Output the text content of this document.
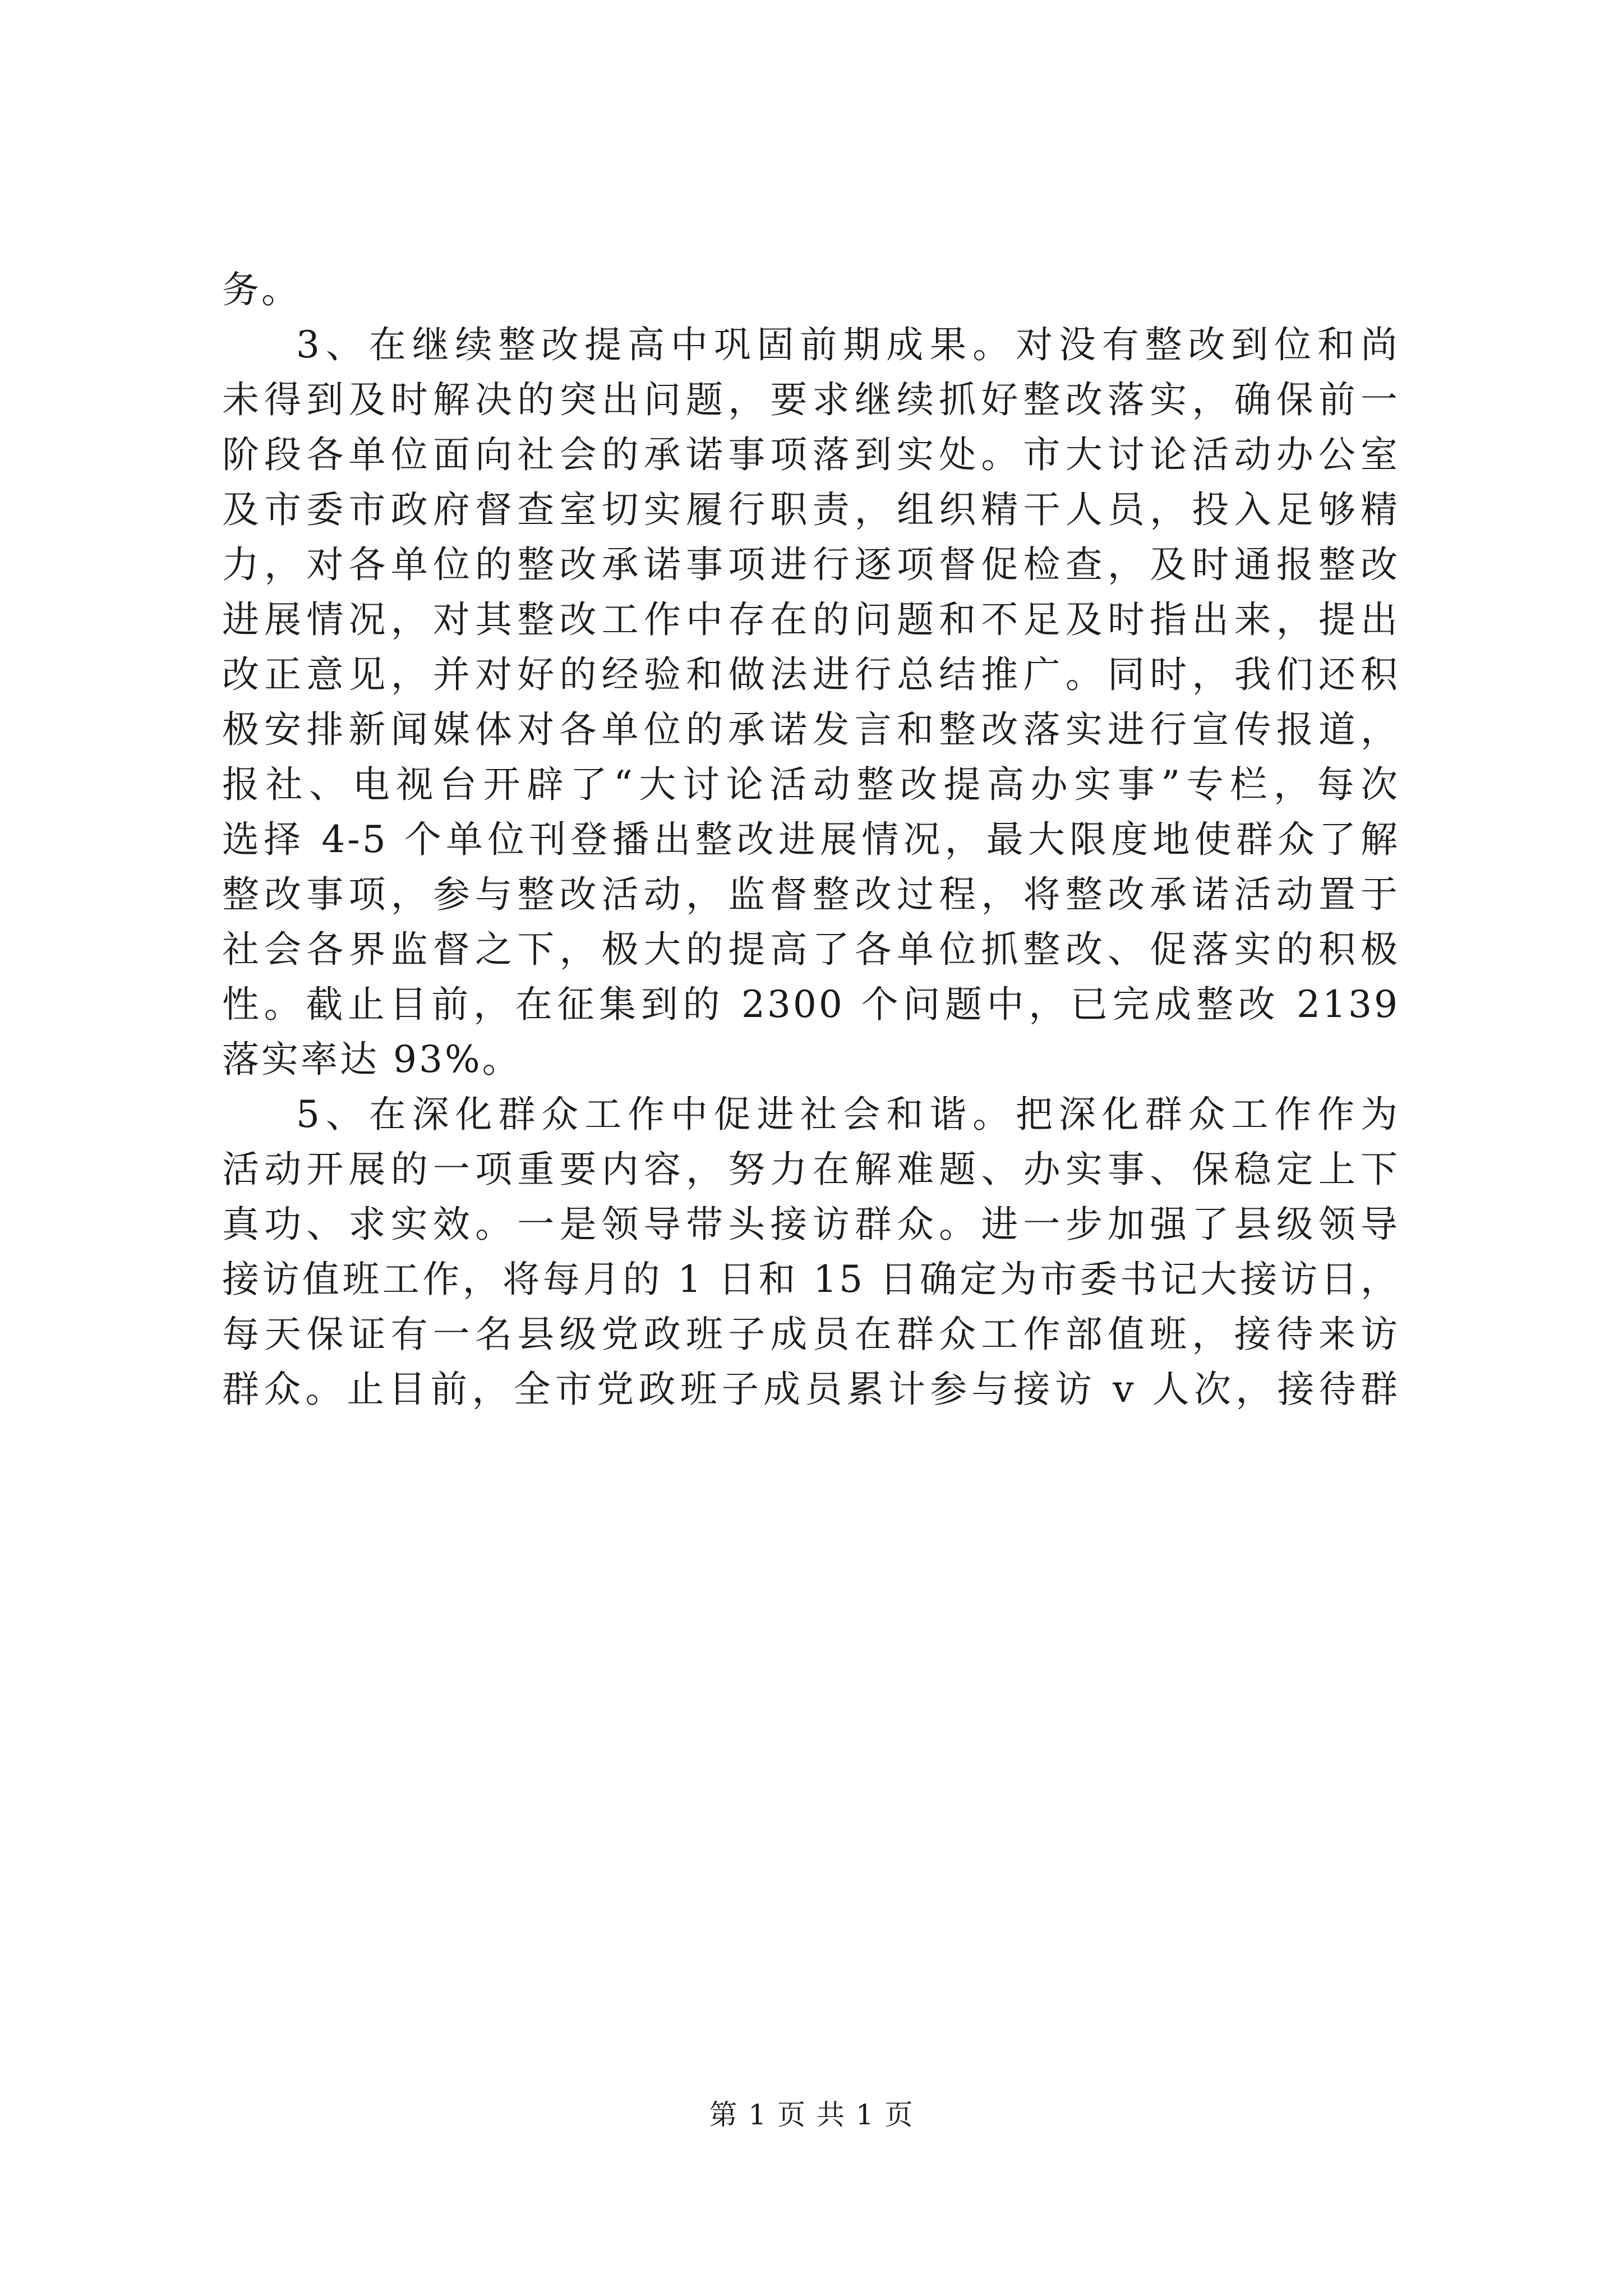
务。
3、在继续整改提高中巩固前期成果。对没有整改到位和尚
未得到及时解决的突出问题，要求继续抓好整改落实，确保前一
阶段各单位面向社会的承诺事项落到实处。市大讨论活动办公室
及市委市政府督查室切实履行职责，组织精干人员，投入足够精
力，对各单位的整改承诺事项进行逐项督促检查，及时通报整改
进展情况，对其整改工作中存在的问题和不足及时指出来，提出
改正意见，并对好的经验和做法进行总结推广。同时，我们还积
极安排新闻媒体对各单位的承诺发言和整改落实进行宣传报道，
报社、电视台开辟了“大讨论活动整改提高办实事”专栏，每次
选择 4-5 个单位刊登播出整改进展情况，最大限度地使群众了解
整改事项，参与整改活动，监督整改过程，将整改承诺活动置于
社会各界监督之下，极大的提高了各单位抓整改、促落实的积极
性。截止目前，在征集到的 2300 个问题中，已完成整改 2139
落实率达 93%。
5、在深化群众工作中促进社会和谐。把深化群众工作作为
活动开展的一项重要内容，努力在解难题、办实事、保稳定上下
真功、求实效。一是领导带头接访群众。进一步加强了县级领导
接访值班工作，将每月的 1 日和 15 日确定为市委书记大接访日，
每天保证有一名县级党政班子成员在群众工作部值班，接待来访
群众。止目前，全市党政班子成员累计参与接访 v 人次，接待群
第 1 页 共 1 页
